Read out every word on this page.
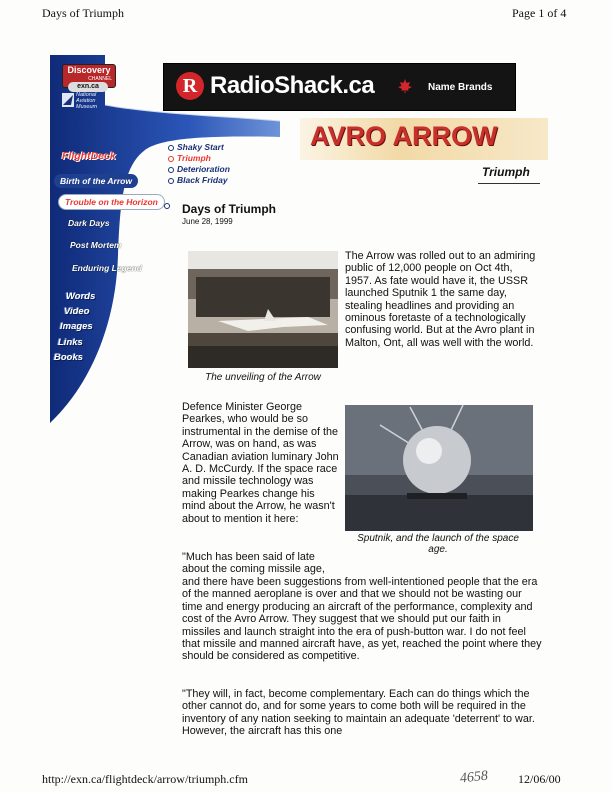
Days of Triumph	Page 1 of 4
Discovery
CHANNEL
exn.ca
National
Aviation
Museum
R RadioShack.ca	Name Brands
FlightDeck
Birth of the Arrow
Trouble on the Horizon
Dark Days
Post Mortem
Enduring Legend
Shaky Start
Triumph
Deterioration
Black Friday
Words
Video
Images
Links
Books
AVRO ARROW
Triumph
Days of Triumph
June 28, 1999
The unveiling of the Arrow
The Arrow was rolled out to an admiring public of 12,000 people on Oct 4th, 1957. As fate would have it, the USSR launched Sputnik 1 the same day, stealing headlines and providing an ominous foretaste of a technologically confusing world. But at the Avro plant in Malton, Ont, all was well with the world.
Sputnik, and the launch of the space age.
Defence Minister George Pearkes, who would be so instrumental in the demise of the Arrow, was on hand, as was Canadian aviation luminary John A. D. McCurdy. If the space race and missile technology was making Pearkes change his mind about the Arrow, he wasn't about to mention it here:
"Much has been said of late about the coming missile age,
and there have been suggestions from well-intentioned people that the era of the manned aeroplane is over and that we should not be wasting our time and energy producing an aircraft of the performance, complexity and cost of the Avro Arrow. They suggest that we should put our faith in missiles and launch straight into the era of push-button war. I do not feel that missile and manned aircraft have, as yet, reached the point where they should be considered as competitive.
"They will, in fact, become complementary. Each can do things which the other cannot do, and for some years to come both will be required in the inventory of any nation seeking to maintain an adequate 'deterrent' to war. However, the aircraft has this one
http://exn.ca/flightdeck/arrow/triumph.cfm	4658 12/06/00
